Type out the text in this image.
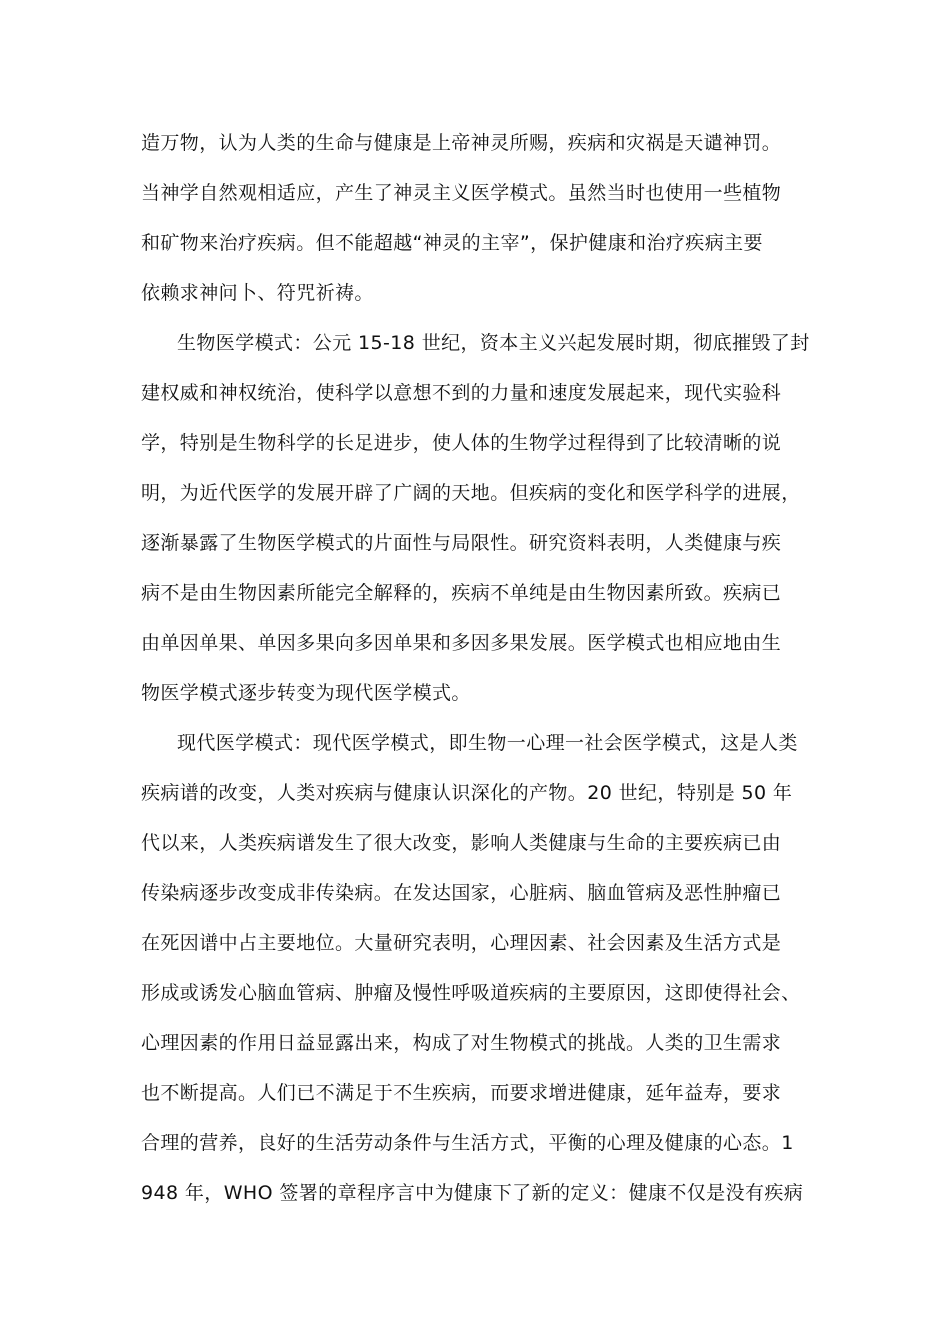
造万物，认为人类的生命与健康是上帝神灵所赐，疾病和灾祸是天谴神罚。
当神学自然观相适应，产生了神灵主义医学模式。虽然当时也使用一些植物
和矿物来治疗疾病。但不能超越“神灵的主宰”，保护健康和治疗疾病主要
依赖求神问卜、符咒祈祷。
生物医学模式：公元 15-18 世纪，资本主义兴起发展时期，彻底摧毁了封
建权威和神权统治，使科学以意想不到的力量和速度发展起来，现代实验科
学，特别是生物科学的长足进步，使人体的生物学过程得到了比较清晰的说
明，为近代医学的发展开辟了广阔的天地。但疾病的变化和医学科学的进展，
逐渐暴露了生物医学模式的片面性与局限性。研究资料表明，人类健康与疾
病不是由生物因素所能完全解释的，疾病不单纯是由生物因素所致。疾病已
由单因单果、单因多果向多因单果和多因多果发展。医学模式也相应地由生
物医学模式逐步转变为现代医学模式。
现代医学模式：现代医学模式，即生物一心理一社会医学模式，这是人类
疾病谱的改变，人类对疾病与健康认识深化的产物。20 世纪，特别是 50 年
代以来，人类疾病谱发生了很大改变，影响人类健康与生命的主要疾病已由
传染病逐步改变成非传染病。在发达国家，心脏病、脑血管病及恶性肿瘤已
在死因谱中占主要地位。大量研究表明，心理因素、社会因素及生活方式是
形成或诱发心脑血管病、肿瘤及慢性呼吸道疾病的主要原因，这即使得社会、
心理因素的作用日益显露出来，构成了对生物模式的挑战。人类的卫生需求
也不断提高。人们已不满足于不生疾病，而要求增进健康，延年益寿，要求
合理的营养，良好的生活劳动条件与生活方式，平衡的心理及健康的心态。1
948 年，WHO 签署的章程序言中为健康下了新的定义：健康不仅是没有疾病
